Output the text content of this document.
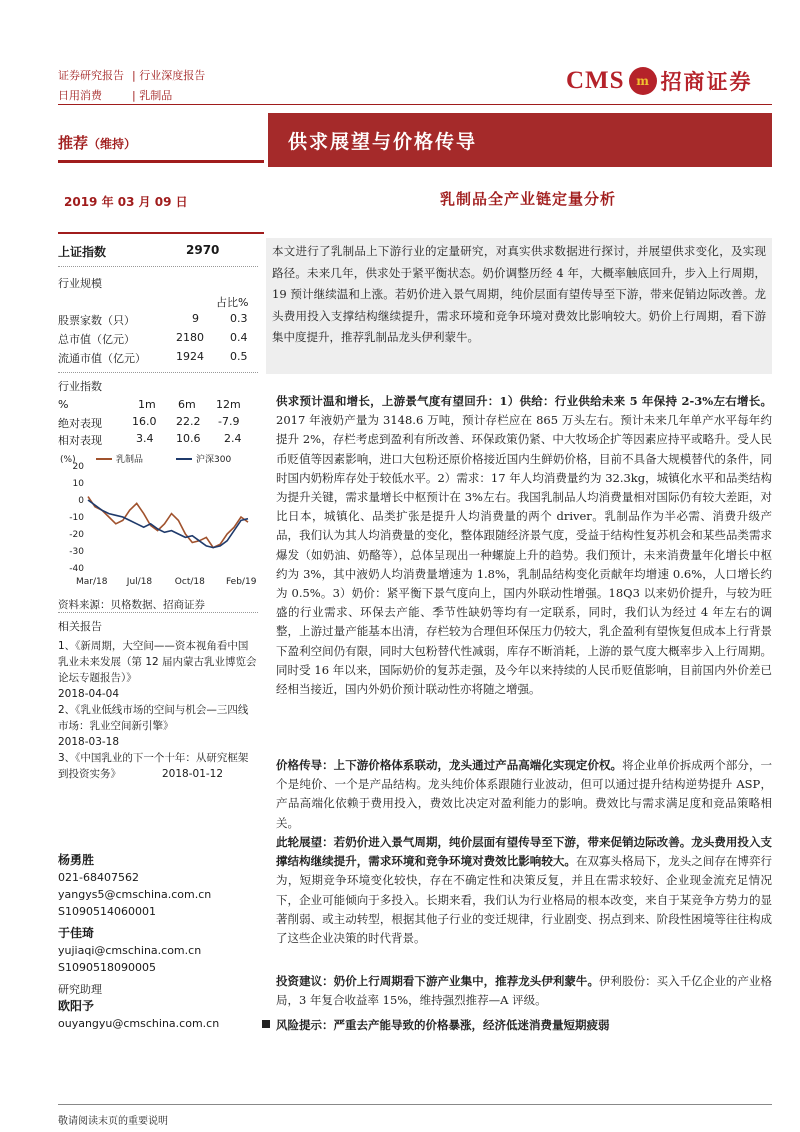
证券研究报告 | 行业深度报告
日用消费	| 乳制品
CMS m 招商证券
推荐（维持）	供求展望与价格传导
2019 年 03 月 09 日	乳制品全产业链定量分析
上证指数	2970
行业规模
占比%
股票家数（只）	9	0.3
总市值（亿元）	2180 0.4
流通市值（亿元）	1924 0.5
行业指数
%	1m 6m 12m
绝对表现	16.0 22.2 -7.9
相对表现	3.4 10.6 2.4
(%)
20
10
0
-10
-20
-30
-40
Mar/18 Jul/18	Oct/18 Feb/19
乳制品	沪深300
资料来源：贝格数据、招商证券
相关报告
1、《新周期，大空间——资本视角看中国乳业未来发展（第 12 届内蒙古乳业博览会论坛专题报告）》
2018-04-04
2、《乳业低线市场的空间与机会—三四线市场：乳业空间新引擎》
2018-03-18
3、《中国乳业的下一个十年：从研究框架到投资实务》	2018-01-12
杨勇胜
021-68407562
yangys5@cmschina.com.cn
S1090514060001
于佳琦
yujiaqi@cmschina.com.cn
S1090518090005
研究助理
欧阳予
ouyangyu@cmschina.com.cn
本文进行了乳制品上下游行业的定量研究，对真实供求数据进行探讨，并展望供求变化，及实现路径。未来几年，供求处于紧平衡状态。奶价调整历经 4 年，大概率触底回升，步入上行周期，19 预计继续温和上涨。若奶价进入景气周期，纯价层面有望传导至下游，带来促销边际改善。龙头费用投入支撑结构继续提升，需求环境和竞争环境对费效比影响较大。奶价上行周期，看下游集中度提升，推荐乳制品龙头伊利蒙牛。
供求预计温和增长，上游景气度有望回升：1）供给：行业供给未来 5 年保持 2-3%左右增长。2017 年液奶产量为 3148.6 万吨，预计存栏应在 865 万头左右。预计未来几年单产水平每年约提升 2%，存栏考虑到盈利有所改善、环保政策仍紧、中大牧场企扩等因素应持平或略升。受人民币贬值等因素影响，进口大包粉还原价格接近国内生鲜奶价格，目前不具备大规模替代的条件，同时国内奶粉库存处于较低水平。2）需求：17 年人均消费量约为 32.3kg，城镇化水平和品类结构为提升关键，需求量增长中枢预计在 3%左右。我国乳制品人均消费量相对国际仍有较大差距，对比日本，城镇化、品类扩张是提升人均消费量的两个 driver。乳制品作为半必需、消费升级产品，我们认为其人均消费量的变化，整体跟随经济景气度，受益于结构性复苏机会和某些品类需求爆发（如奶油、奶酪等），总体呈现出一种螺旋上升的趋势。我们预计，未来消费量年化增长中枢约为 3%，其中液奶人均消费量增速为 1.8%，乳制品结构变化贡献年均增速 0.6%，人口增长约为 0.5%。3）奶价：紧平衡下景气度向上，国内外联动性增强。18Q3 以来奶价提升，与较为旺盛的行业需求、环保去产能、季节性缺奶等均有一定联系，同时，我们认为经过 4 年左右的调整，上游过量产能基本出清，存栏较为合理但环保压力仍较大，乳企盈利有望恢复但成本上行背景下盈利空间仍有限，同时大包粉替代性减弱，库存不断消耗，上游的景气度大概率步入上行周期。同时受 16 年以来，国际奶价的复苏走强，及今年以来持续的人民币贬值影响，目前国内外价差已经相当接近，国内外奶价预计联动性亦将随之增强。
价格传导：上下游价格体系联动，龙头通过产品高端化实现定价权。将企业单价拆成两个部分，一个是纯价、一个是产品结构。龙头纯价体系跟随行业波动，但可以通过提升结构逆势提升 ASP，产品高端化依赖于费用投入，费效比决定对盈利能力的影响。费效比与需求满足度和竞品策略相关。
此轮展望：若奶价进入景气周期，纯价层面有望传导至下游，带来促销边际改善。龙头费用投入支撑结构继续提升，需求环境和竞争环境对费效比影响较大。在双寡头格局下，龙头之间存在博弈行为，短期竞争环境变化较快，存在不确定性和决策反复，并且在需求较好、企业现金流充足情况下，企业可能倾向于多投入。长期来看，我们认为行业格局的根本改变，来自于某竞争方势力的显著削弱、或主动转型，根据其他子行业的变迁规律，行业剧变、拐点到来、阶段性困境等往往构成了这些企业决策的时代背景。
投资建议：奶价上行周期看下游产业集中，推荐龙头伊利蒙牛。伊利股份：买入千亿企业的产业格局，3 年复合收益率 15%，维持强烈推荐—A 评级。
风险提示：严重去产能导致的价格暴涨，经济低迷消费量短期疲弱
敬请阅读末页的重要说明
